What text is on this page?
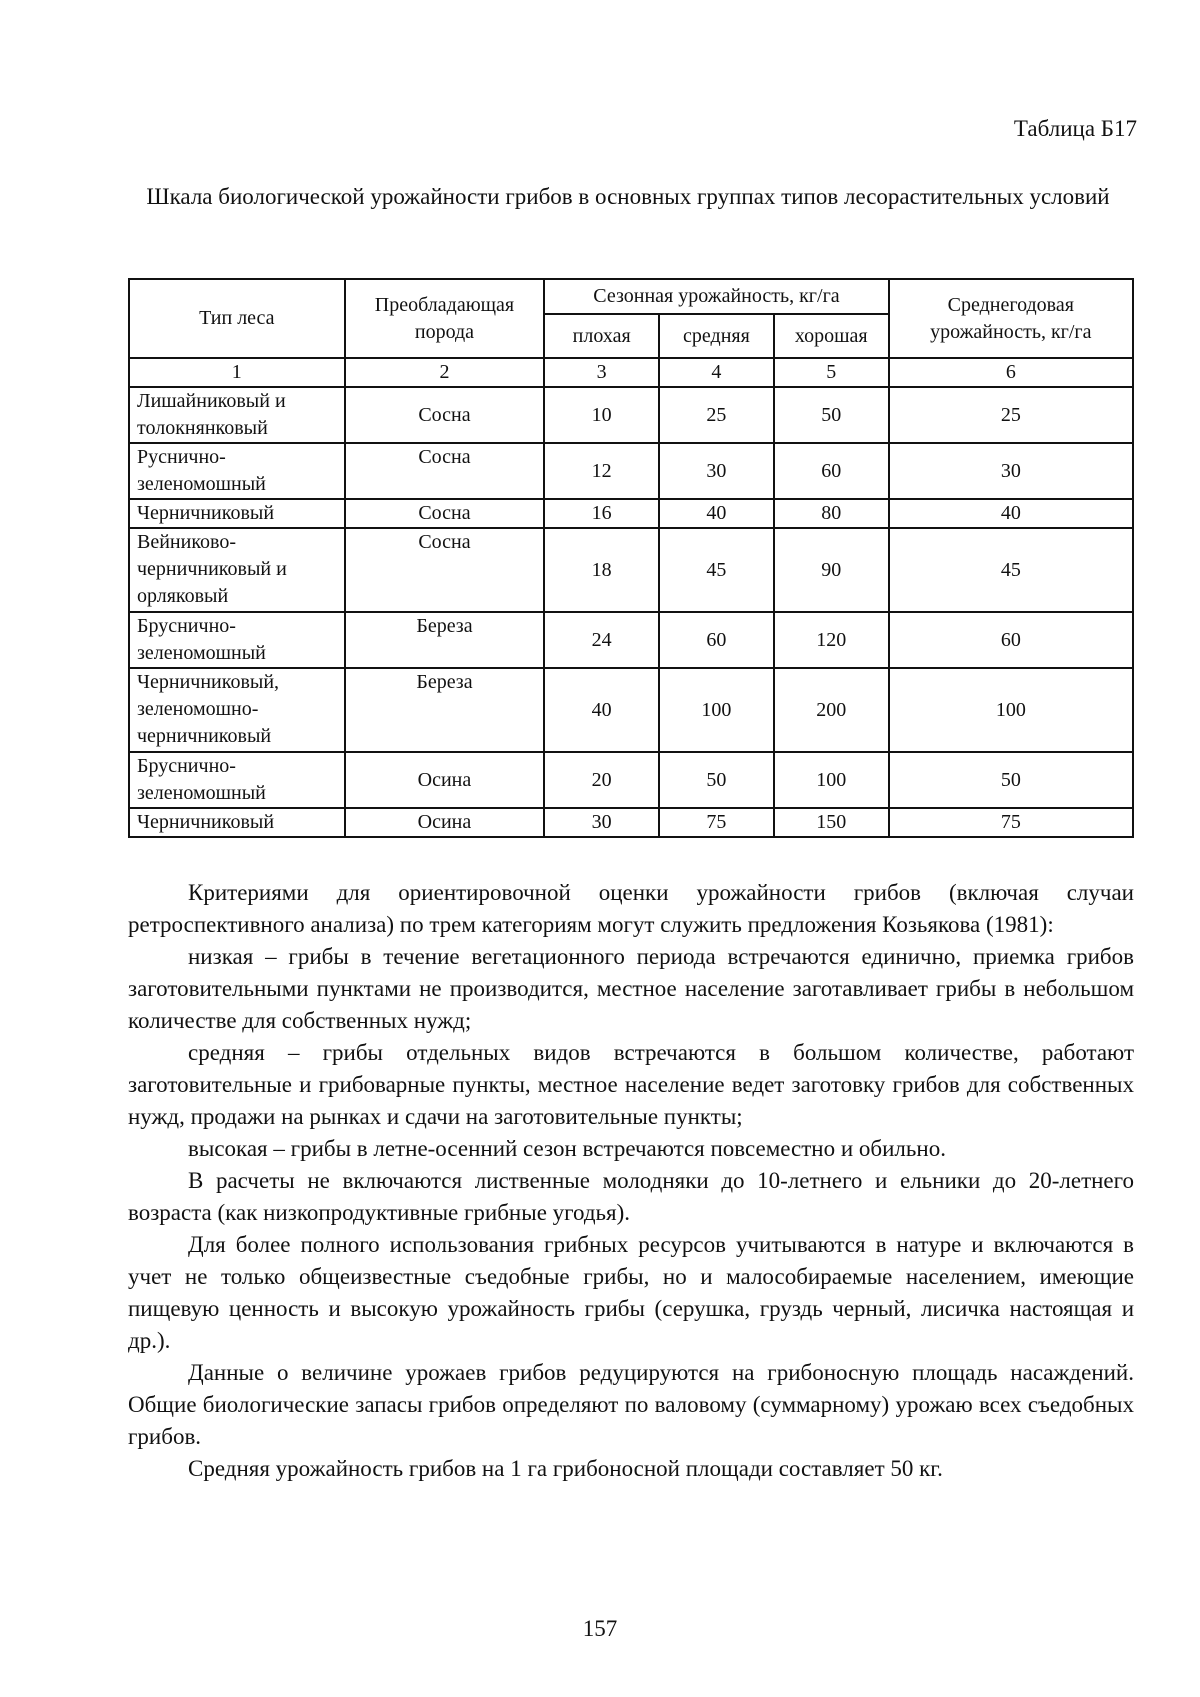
Таблица Б17
Шкала биологической урожайности грибов в основных группах типов лесорастительных условий
Тип леса	Преобладающая порода	Сезонная урожайность, кг/га			Среднегодовая урожайность, кг/га
		плохая	средняя	хорошая	
1	2	3	4	5	6
Лишайниковый и толокнянковый	Сосна	10	25	50	25
Руснично-зеленомошный	Сосна	12	30	60	30
Черничниковый	Сосна	16	40	80	40
Вейниково-черничниковый и орляковый	Сосна	18	45	90	45
Брусничнo-зеленомошный	Береза	24	60	120	60
Черничниковый, зеленомошно-черничниковый	Береза	40	100	200	100
Брусничнo-зеленомошный	Осина	20	50	100	50
Черничниковый	Осина	30	75	150	75

Критериями для ориентировочной оценки урожайности грибов (включая случаи ретроспективного анализа) по трем категориям могут служить предложения Козьякова (1981):

низкая – грибы в течение вегетационного периода встречаются единично, приемка грибов заготовительными пунктами не производится, местное население заготавливает грибы в небольшом количестве для собственных нужд;

средняя – грибы отдельных видов встречаются в большом количестве, работают заготовительные и грибоварные пункты, местное население ведет заготовку грибов для собственных нужд, продажи на рынках и сдачи на заготовительные пункты;

высокая – грибы в летне-осенний сезон встречаются повсеместно и обильно.

В расчеты не включаются лиственные молодняки до 10-летнего и ельники до 20-летнего возраста (как низкопродуктивные грибные угодья).

Для более полного использования грибных ресурсов учитываются в натуре и включаются в учет не только общеизвестные съедобные грибы, но и малособираемые населением, имеющие пищевую ценность и высокую урожайность грибы (серушка, груздь черный, лисичка настоящая и др.).

Данные о величине урожаев грибов редуцируются на грибоносную площадь насаждений. Общие биологические запасы грибов определяют по валовому (суммарному) урожаю всех съедобных грибов.

Средняя урожайность грибов на 1 га грибоносной площади составляет 50 кг.

157
